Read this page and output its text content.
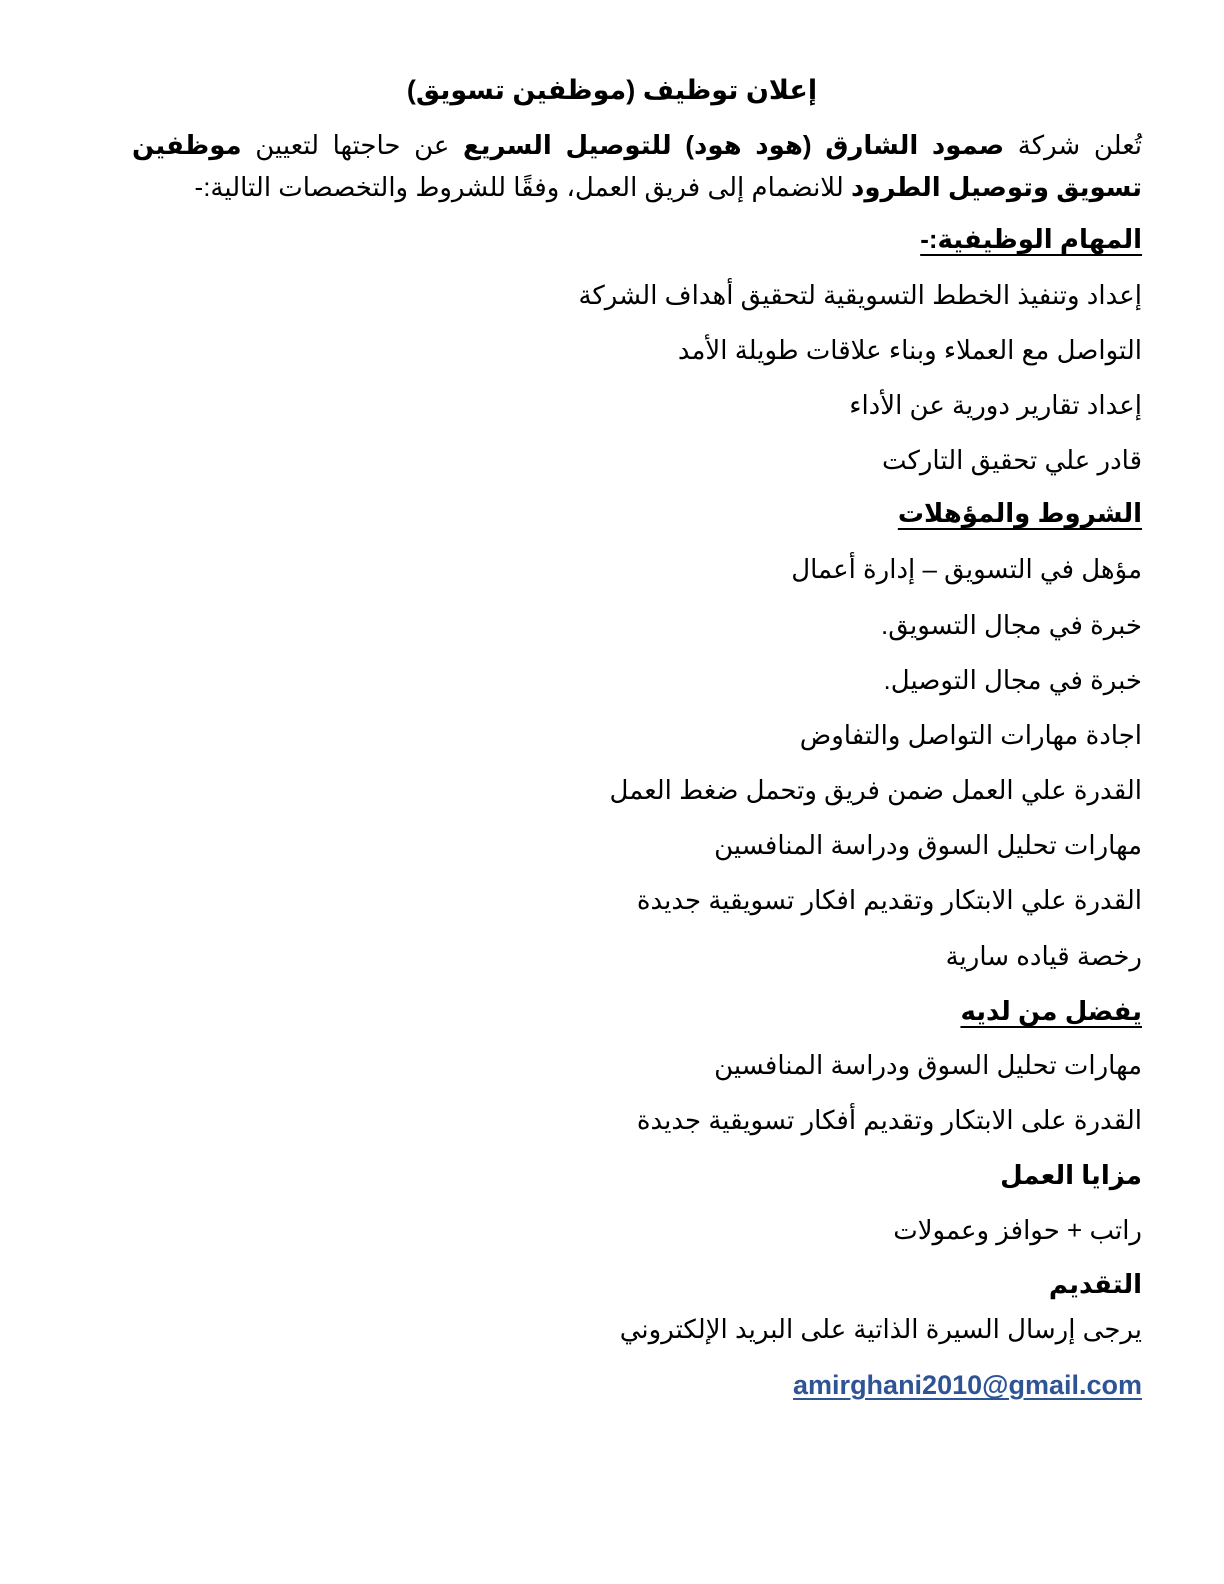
إعلان توظيف (موظفين تسويق)
تُعلن شركة صمود الشارق (هود هود) للتوصيل السريع عن حاجتها لتعيين موظفين تسويق وتوصيل الطرود للانضمام إلى فريق العمل، وفقًا للشروط والتخصصات التالية:-
المهام الوظيفية:-
إعداد وتنفيذ الخطط التسويقية لتحقيق أهداف الشركة
التواصل مع العملاء وبناء علاقات طويلة الأمد
إعداد تقارير دورية عن الأداء
قادر علي تحقيق التاركت
الشروط والمؤهلات
مؤهل في التسويق – إدارة أعمال
خبرة في مجال التسويق.
خبرة في مجال التوصيل.
اجادة مهارات التواصل والتفاوض
القدرة علي العمل ضمن فريق وتحمل ضغط العمل
مهارات تحليل السوق ودراسة المنافسين
القدرة علي الابتكار وتقديم افكار تسويقية جديدة
رخصة قياده سارية
يفضل من لديه
مهارات تحليل السوق ودراسة المنافسين
القدرة على الابتكار وتقديم أفكار تسويقية جديدة
مزايا العمل
راتب + حوافز وعمولات
التقديم
يرجى إرسال السيرة الذاتية على البريد الإلكتروني
amirghani2010@gmail.com
